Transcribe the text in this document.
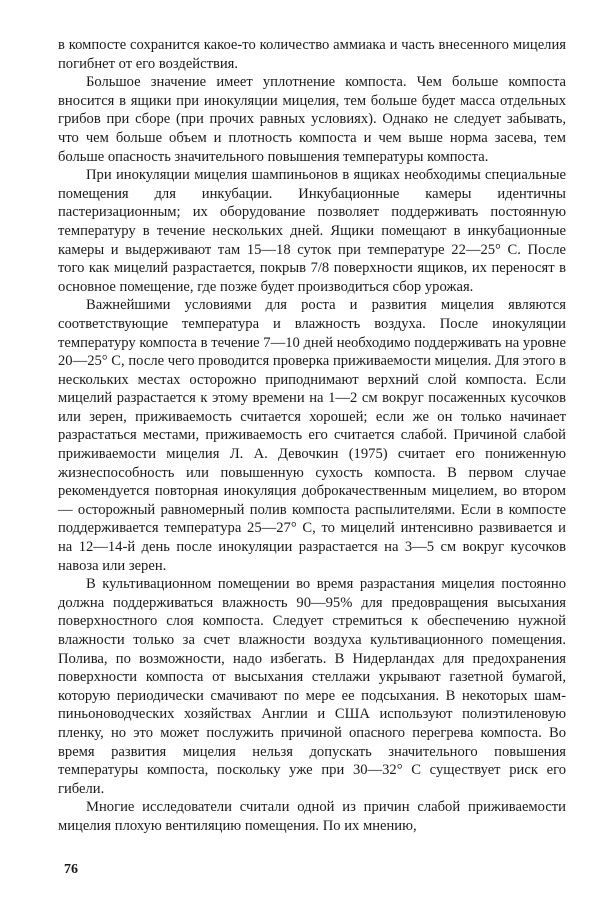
в компосте сохранится какое-то количество аммиака и часть внесенного мицелия погибнет от его воздействия.

Большое значение имеет уплотнение компоста. Чем больше компоста вносится в ящики при инокуляции мицелия, тем больше будет масса отдельных грибов при сборе (при прочих равных условиях). Однако не следует забывать, что чем больше объем и плотность компоста и чем выше норма засева, тем больше опасность значительного повышения температуры компоста.

При инокуляции мицелия шампиньонов в ящиках необходимы специальные помещения для инкубации. Инкубационные камеры идентичны пастеризационным; их оборудование позволяет поддерживать постоянную температуру в течение нескольких дней. Ящики помещают в инкубационные камеры и выдерживают там 15—18 суток при температуре 22—25° С. После того как мицелий разрастается, покрыв 7/8 поверхности ящиков, их переносят в основное помещение, где позже будет производиться сбор урожая.

Важнейшими условиями для роста и развития мицелия являются соответствующие температура и влажность воздуха. После инокуляции температуру компоста в течение 7—10 дней необходимо поддерживать на уровне 20—25° С, после чего проводится проверка приживаемости мицелия. Для этого в нескольких местах осторожно приподнимают верхний слой компоста. Если мицелий разрастается к этому времени на 1—2 см вокруг посаженных кусочков или зерен, приживаемость считается хорошей; если же он только начинает разрастаться местами, приживаемость его считается слабой. Причиной слабой приживаемости мицелия Л. А. Девочкин (1975) считает его пониженную жизнеспособность или повышенную сухость компоста. В первом случае рекомендуется повторная инокуляция доброкачественным мицелием, во втором — осторожный равномерный полив компоста распылителями. Если в компосте поддерживается температура 25—27° С, то мицелий интенсивно развивается и на 12—14-й день после инокуляции разрастается на 3—5 см вокруг кусочков навоза или зерен.

В культивационном помещении во время разрастания мицелия постоянно должна поддерживаться влажность 90—95% для предовращения высыхания поверхностного слоя компоста. Следует стремиться к обеспечению нужной влажности только за счет влажности воздуха культивационного помещения. Полива, по возможности, надо избегать. В Нидерландах для предохранения поверхности компоста от высыхания стеллажи укрывают газетной бумагой, которую периодически смачивают по мере ее подсыхания. В некоторых шампиньоноводческих хозяйствах Англии и США используют полиэтиленовую пленку, но это может послужить причиной опасного перегрева компоста. Во время развития мицелия нельзя допускать значительного повышения температуры компоста, поскольку уже при 30—32° С существует риск его гибели.

Многие исследователи считали одной из причин слабой приживаемости мицелия плохую вентиляцию помещения. По их мнению,

76
